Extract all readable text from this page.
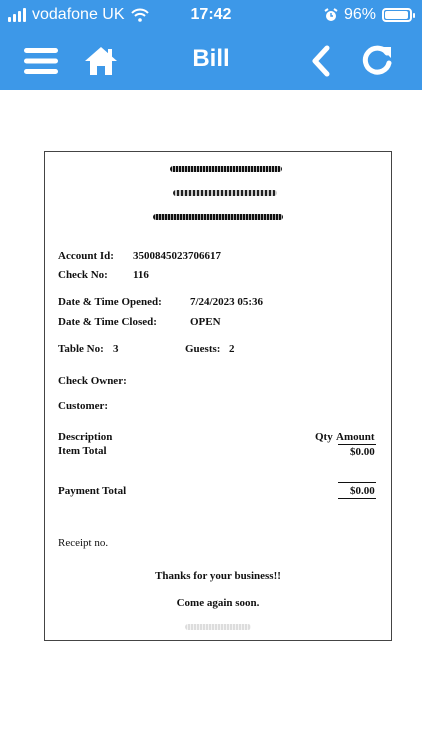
vodafone UK	17:42	96%
Bill
Account Id: 3500845023706617
Check No: 116
Date & Time Opened:	7/24/2023 05:36
Date & Time Closed:	OPEN
Table No: 3	Guests: 2
Check Owner:
Customer:
Description	Qty Amount
Item Total	$0.00
Payment Total	$0.00
Receipt no.
Thanks for your business!!
Come again soon.
